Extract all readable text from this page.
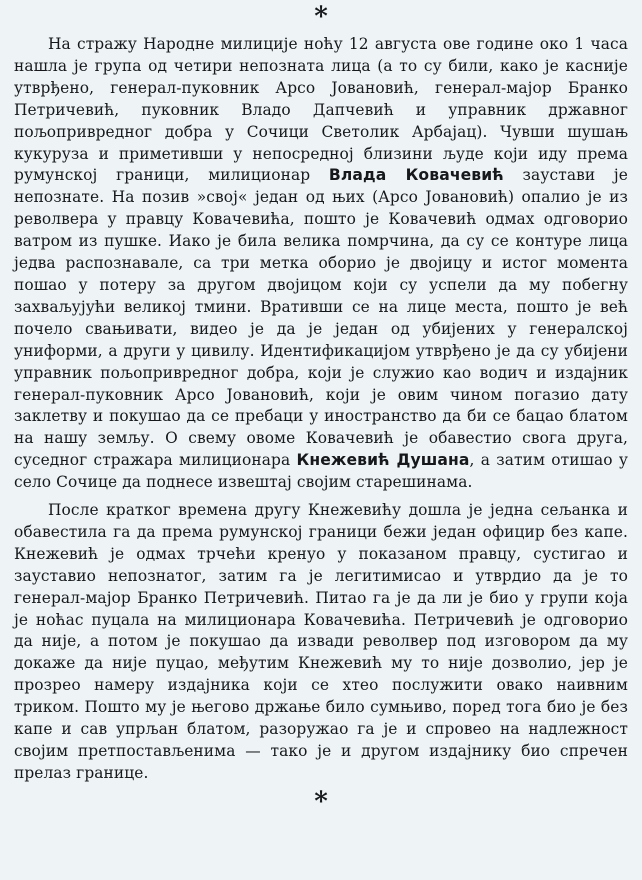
*

На стражу Народне милиције ноћу 12 августа ове године око 1 часа нашла је група од четири непозната лица (а то су били, како је касније утврђено, генерал-пуковник Арсо Јовановић, генерал-мајор Бранко Петричевић, пуковник Владо Дапчевић и управник државног пољопривредног добра у Сочици Светолик Арбајац). Чувши шушањ кукуруза и приметивши у непосредној близини људе који иду према румунској граници, милиционар Влада Ковачевић заустави је непознате. На позив »свој« један од њих (Арсо Јовановић) опалио је из револвера у правцу Ковачевића, пошто је Ковачевић одмах одговорио ватром из пушке. Иако је била велика помрчина, да су се контуре лица једва распознавале, са три метка оборио је двојицу и истог момента пошао у потеру за другом двојицом који су успели да му побегну захваљујући великој тмини. Вративши се на лице места, пошто је већ почело свањивати, видео је да је један од убијених у генералској униформи, а други у цивилу. Идентификацијом утврђено је да су убијени управник пољопривредног добра, који је служио као водич и издајник генерал-пуковник Арсо Јовановић, који је овим чином погазио дату заклетву и покушао да се пребаци у иностранство да би се бацао блатом на нашу земљу. О свему овоме Ковачевић је обавестио свога друга, суседног стражара милиционара Кнежевић Душана, а затим отишао у село Сочице да поднесе извештај својим старешинама.

После кратког времена другу Кнежевићу дошла је једна сељанка и обавестила га да према румунској граници бежи један официр без капе. Кнежевић је одмах трчећи кренуо у показаном правцу, сустигао и зауставио непознатог, затим га је легитимисао и утврдио да је то генерал-мајор Бранко Петричевић. Питао га је да ли је био у групи која је ноћас пуцала на милиционара Ковачевића. Петричевић је одговорио да није, а потом је покушао да извади револвер под изговором да му докаже да није пуцао, међутим Кнежевић му то није дозволио, јер је прозрео намеру издајника који се хтео послужити овако наивним триком. Пошто му је његово држање било сумњиво, поред тога био је без капе и сав упрљан блатом, разоружао га је и спровео на надлежност својим претпостављенима — тако је и другом издајнику био спречен прелаз границе.

*
